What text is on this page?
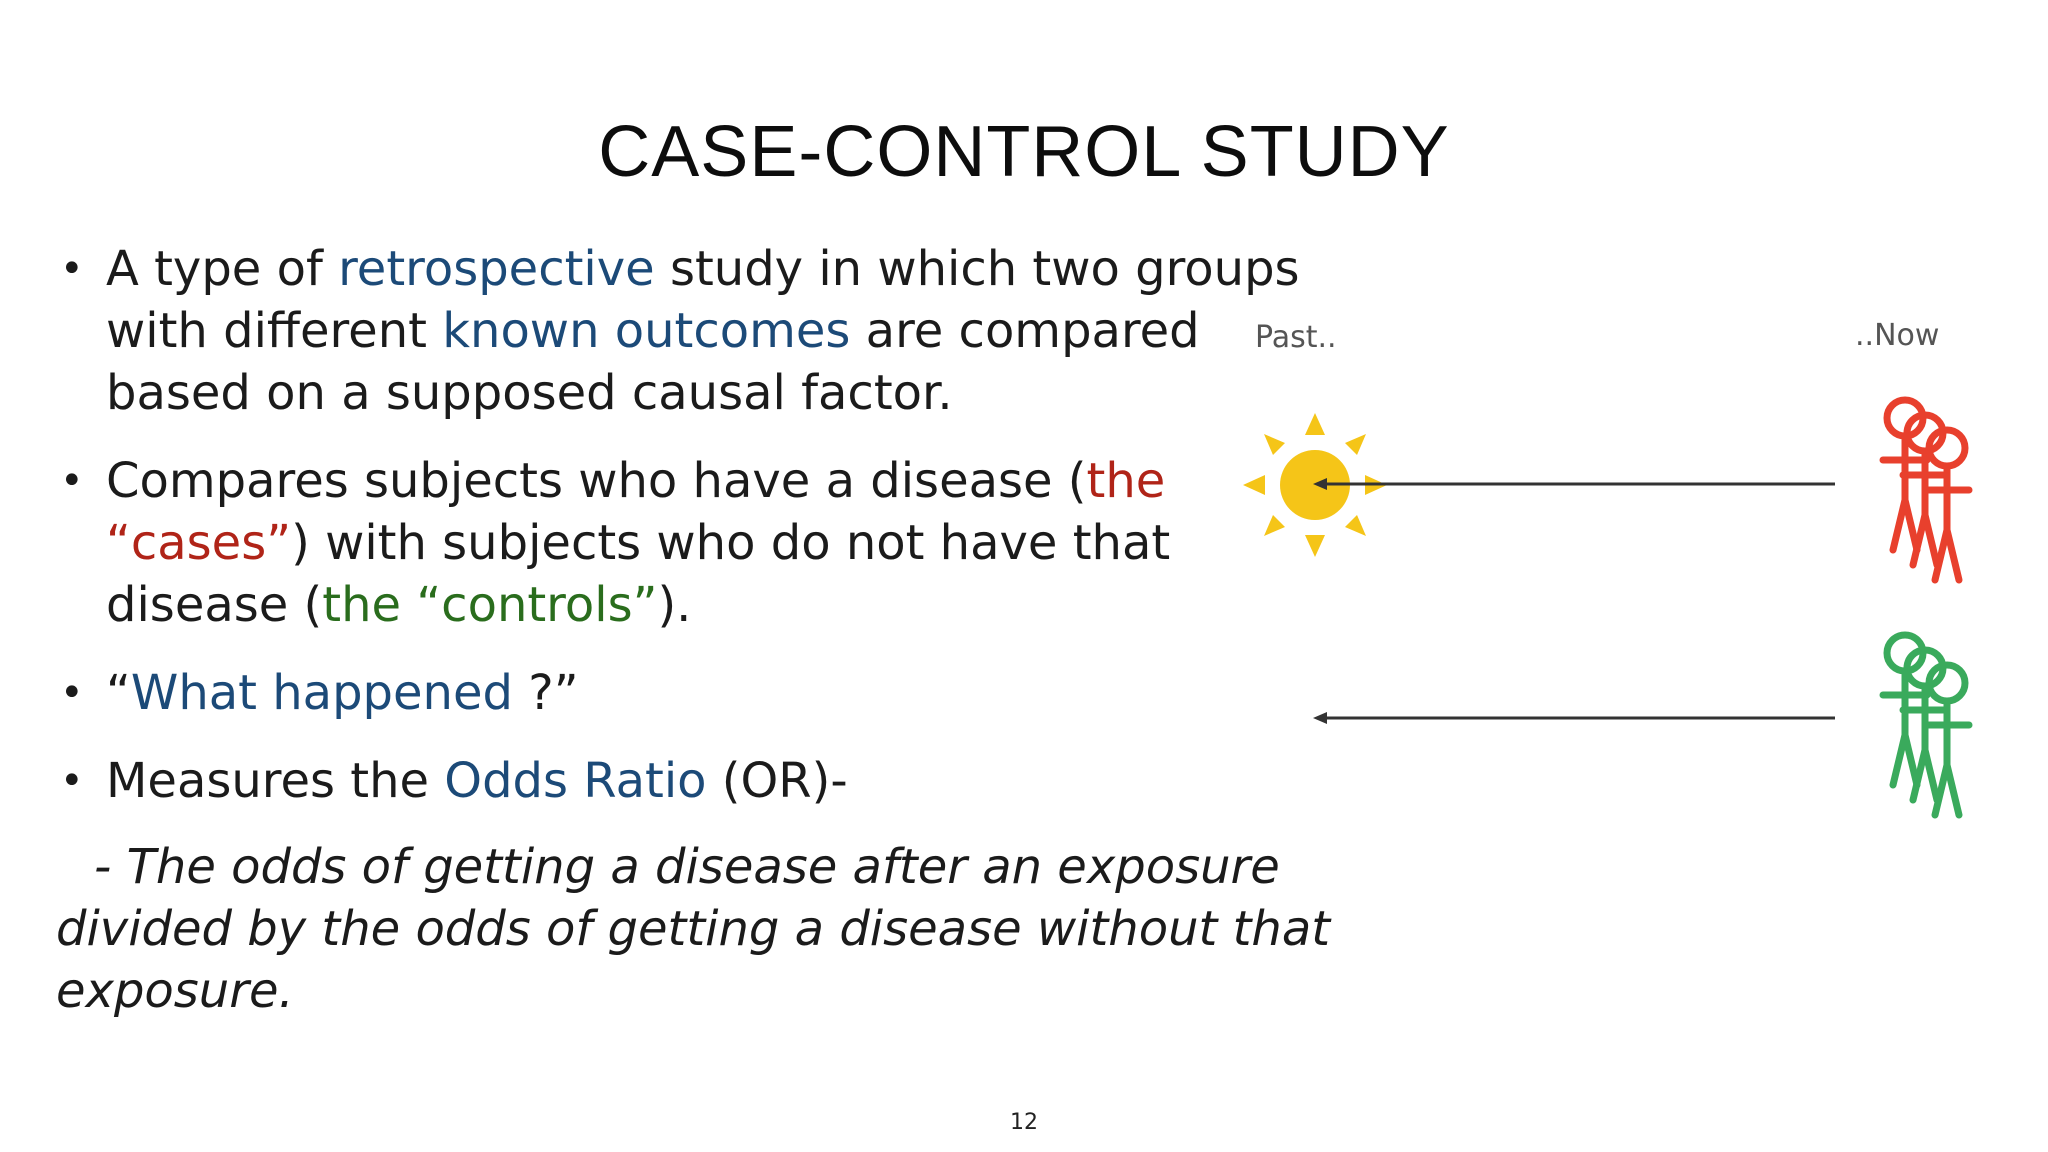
CASE-CONTROL STUDY
• A type of retrospective study in which two groups with different known outcomes are compared based on a supposed causal factor.
• Compares subjects who have a disease (the “cases”) with subjects who do not have that disease (the “controls”).
• “What happened ?”
• Measures the Odds Ratio (OR)-
- The odds of getting a disease after an exposure divided by the odds of getting a disease without that exposure.
Past..	..Now
12
